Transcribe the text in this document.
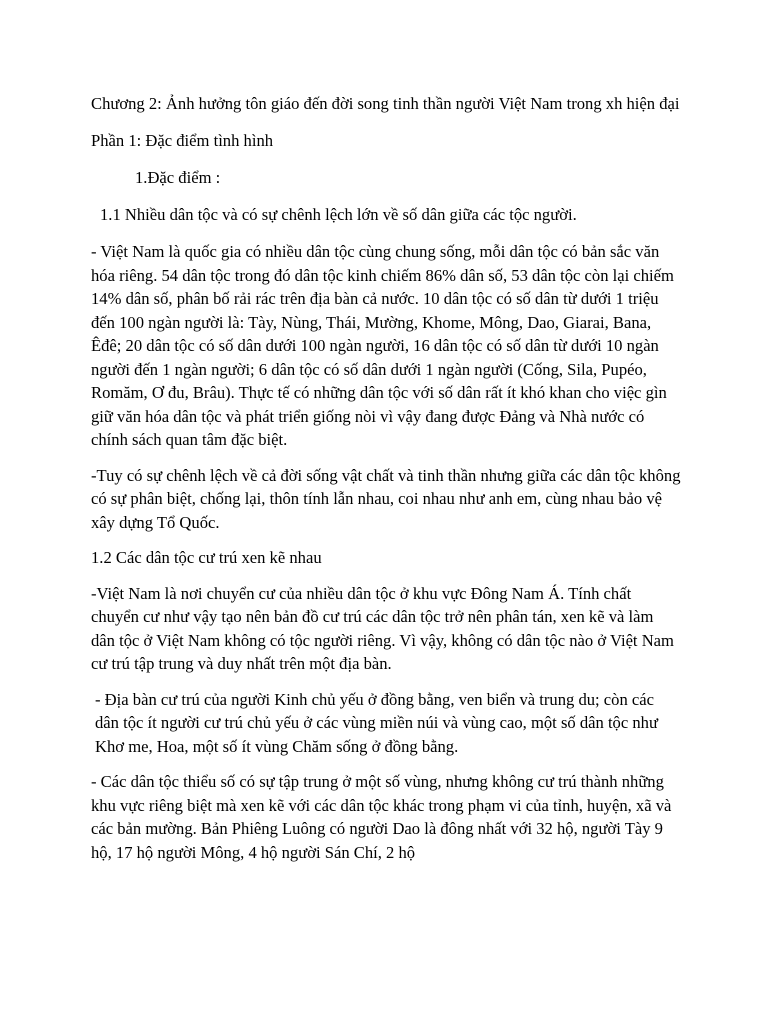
Chương 2: Ảnh hưởng tôn giáo đến đời song tinh thần người Việt Nam trong xh hiện đại

Phần 1: Đặc điểm tình hình

1.Đặc điểm :

1.1 Nhiều dân tộc và có sự chênh lệch lớn về số dân giữa các tộc người.

- Việt Nam là quốc gia có nhiều dân tộc cùng chung sống, mỗi dân tộc có bản sắc văn hóa riêng. 54 dân tộc trong đó dân tộc kinh chiếm 86% dân số, 53 dân tộc còn lại chiếm 14% dân số, phân bố rải rác trên địa bàn cả nước. 10 dân tộc có số dân từ dưới 1 triệu đến 100 ngàn người là: Tày, Nùng, Thái, Mường, Khome, Mông, Dao, Giarai, Bana, Êđê; 20 dân tộc có số dân dưới 100 ngàn người, 16 dân tộc có số dân từ dưới 10 ngàn người đến 1 ngàn người; 6 dân tộc có số dân dưới 1 ngàn người (Cống, Sila, Pupéo, Romăm, Ơ đu, Brâu). Thực tế có những dân tộc với số dân rất ít khó khan cho việc gìn giữ văn hóa dân tộc và phát triển giống nòi vì vậy đang được Đảng và Nhà nước có chính sách quan tâm đặc biệt.

-Tuy có sự chênh lệch về cả đời sống vật chất và tinh thần nhưng giữa các dân tộc không có sự phân biệt, chống lại, thôn tính lẫn nhau, coi nhau như anh em, cùng nhau bảo vệ xây dựng Tổ Quốc.

1.2 Các dân tộc cư trú xen kẽ nhau

-Việt Nam là nơi chuyển cư của nhiều dân tộc ở khu vực Đông Nam Á. Tính chất chuyển cư như vậy tạo nên bản đồ cư trú các dân tộc trở nên phân tán, xen kẽ và làm dân tộc ở Việt Nam không có tộc người riêng. Vì vậy, không có dân tộc nào ở Việt Nam cư trú tập trung và duy nhất trên một địa bàn.

- Địa bàn cư trú của người Kinh chủ yếu ở đồng bằng, ven biển và trung du; còn các dân tộc ít người cư trú chủ yếu ở các vùng miền núi và vùng cao, một số dân tộc như Khơ me, Hoa, một số ít vùng Chăm sống ở đồng bằng.

- Các dân tộc thiểu số có sự tập trung ở một số vùng, nhưng không cư trú thành những khu vực riêng biệt mà xen kẽ với các dân tộc khác trong phạm vi của tỉnh, huyện, xã và các bản mường. Bản Phiêng Luông có người Dao là đông nhất với 32 hộ, người Tày 9 hộ, 17 hộ người Mông, 4 hộ người Sán Chí, 2 hộ
